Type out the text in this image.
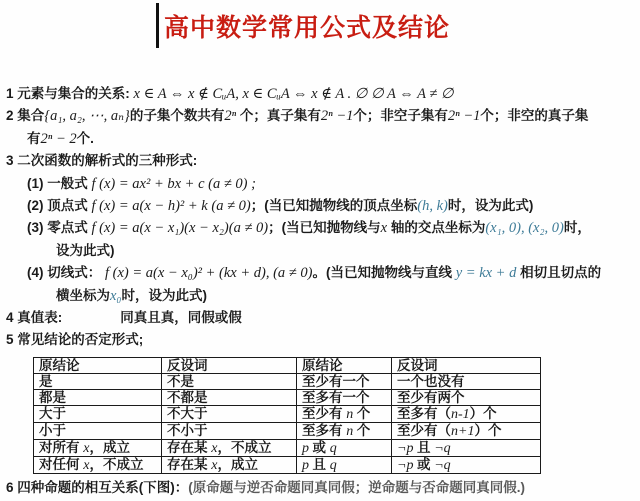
高中数学常用公式及结论
1 元素与集合的关系: x ∈ A ⇔ x ∉ CᵤA, x ∈ CᵤA ⇔ x ∉ A . ∅ ∅ A ⇔ A ≠ ∅
2 集合{a₁, a₂, ⋯, aₙ}的子集个数共有2ⁿ 个；真子集有2ⁿ −1个；非空子集有2ⁿ −1个；非空的真子集
有2ⁿ − 2个.
3 二次函数的解析式的三种形式:
(1) 一般式 f (x) = ax² + bx + c (a ≠ 0) ;
(2) 顶点式 f (x) = a(x − h)² + k (a ≠ 0)；(当已知抛物线的顶点坐标(h, k)时，设为此式)
(3) 零点式 f (x) = a(x − x₁)(x − x₂)(a ≠ 0)；(当已知抛物线与x 轴的交点坐标为(x₁, 0), (x₂, 0)时，
设为此式)
(4) 切线式： f (x) = a(x − x₀)² + (kx + d), (a ≠ 0)。(当已知抛物线与直线 y = kx + d 相切且切点的
横坐标为x₀时，设为此式)
4 真值表:	同真且真，同假或假
5 常见结论的否定形式;
原结论	反设词	原结论	反设词
是	不是	至少有一个	一个也没有
都是	不都是	至多有一个	至少有两个
大于	不大于	至少有 n 个	至多有（n-1）个
小于	不小于	至多有 n 个	至少有（n+1）个
对所有 x，成立	存在某 x，不成立	p 或 q	¬p 且 ¬q
对任何 x，不成立	存在某 x，成立	p 且 q	¬p 或 ¬q
6 四种命题的相互关系(下图)：(原命题与逆否命题同真同假；逆命题与否命题同真同假.)
